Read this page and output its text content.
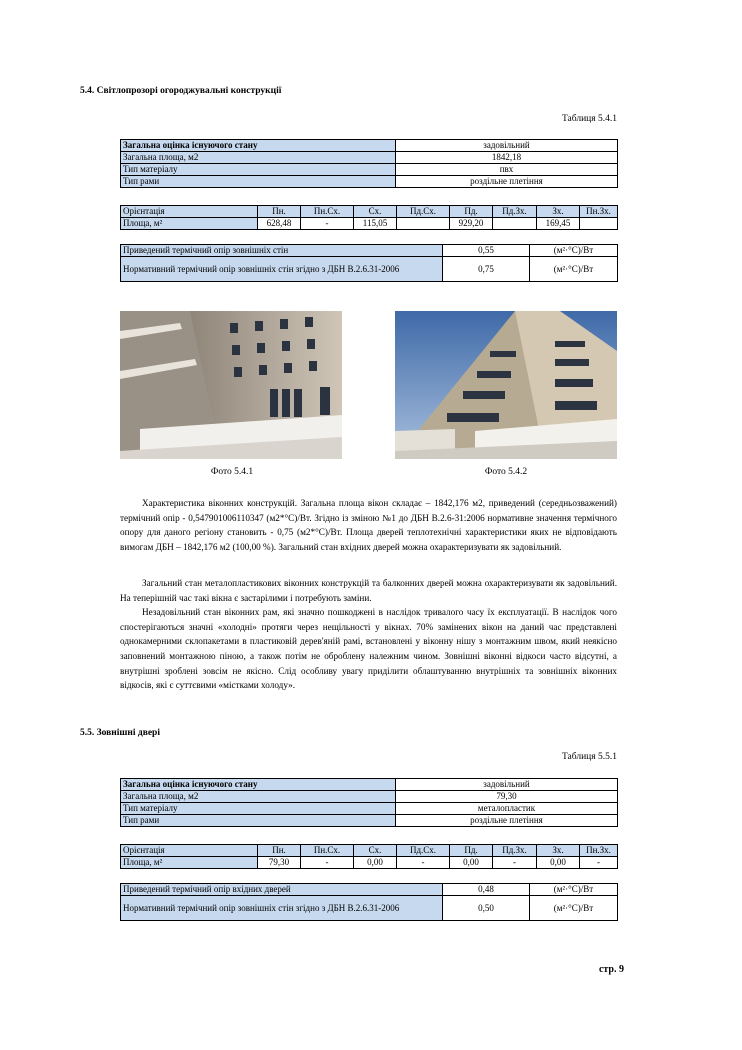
5.4. Світлопрозорі огороджувальні конструкції
Таблиця 5.4.1
Загальна оцінка існуючого стану	задовільний
Загальна площа, м2	1842,18
Тип матеріалу	пвх
Тип рами	роздільне плетіння
Орієнтація	Пн.	Пн.Сх.	Сх.	Пд.Сх.	Пд.	Пд.Зх.	Зх.	Пн.Зх.
Площа, м²	628,48	-	115,05		929,20		169,45	
Приведений термічний опір зовнішніх стін	0,55	(м²·°С)/Вт
Нормативний термічний опір зовнішніх стін згідно з ДБН В.2.6.31-2006	0,75	(м²·°С)/Вт
Фото 5.4.1	Фото 5.4.2

Характеристика віконних конструкцій. Загальна площа вікон складає – 1842,176 м2, приведений (середньозважений) термічний опір - 0,547901006110347 (м2*°С)/Вт. Згідно із зміною №1 до ДБН В.2.6-31:2006 нормативне значення термічного опору для даного регіону становить - 0,75 (м2*°С)/Вт. Площа дверей теплотехнічні характеристики яких не відповідають вимогам ДБН – 1842,176 м2 (100,00 %). Загальний стан вхідних дверей можна охарактеризувати як задовільний.

Загальний стан металопластикових віконних конструкцій та балконних дверей можна охарактеризувати як задовільний. На теперішній час такі вікна є застарілими і потребують заміни.

Незадовільний стан віконних рам, які значно пошкоджені в наслідок тривалого часу їх експлуатації. В наслідок чого спостерігаються значні «холодні» протяги через нещільності у вікнах. 70% замінених вікон на даний час представлені однокамерними склопакетами в пластиковій дерев'яній рамі, встановлені у віконну нішу з монтажним швом, який неякісно заповнений монтажною піною, а також потім не оброблену належним чином. Зовнішні віконні відкоси часто відсутні, а внутрішні зроблені зовсім не якісно. Слід особливу увагу приділити облаштуванню внутрішніх та зовнішніх віконних відкосів, які є суттєвими «містками холоду».

5.5. Зовнішні двері
Таблиця 5.5.1
Загальна оцінка існуючого стану	задовільний
Загальна площа, м2	79,30
Тип матеріалу	металопластик
Тип рами	роздільне плетіння
Орієнтація	Пн.	Пн.Сх.	Сх.	Пд.Сх.	Пд.	Пд.Зх.	Зх.	Пн.Зх.
Площа, м²	79,30	-	0,00	-	0,00	-	0,00	-
Приведений термічний опір вхідних дверей	0,48	(м²·°С)/Вт
Нормативний термічний опір зовнішніх стін згідно з ДБН В.2.6.31-2006	0,50	(м²·°С)/Вт
стр. 9
